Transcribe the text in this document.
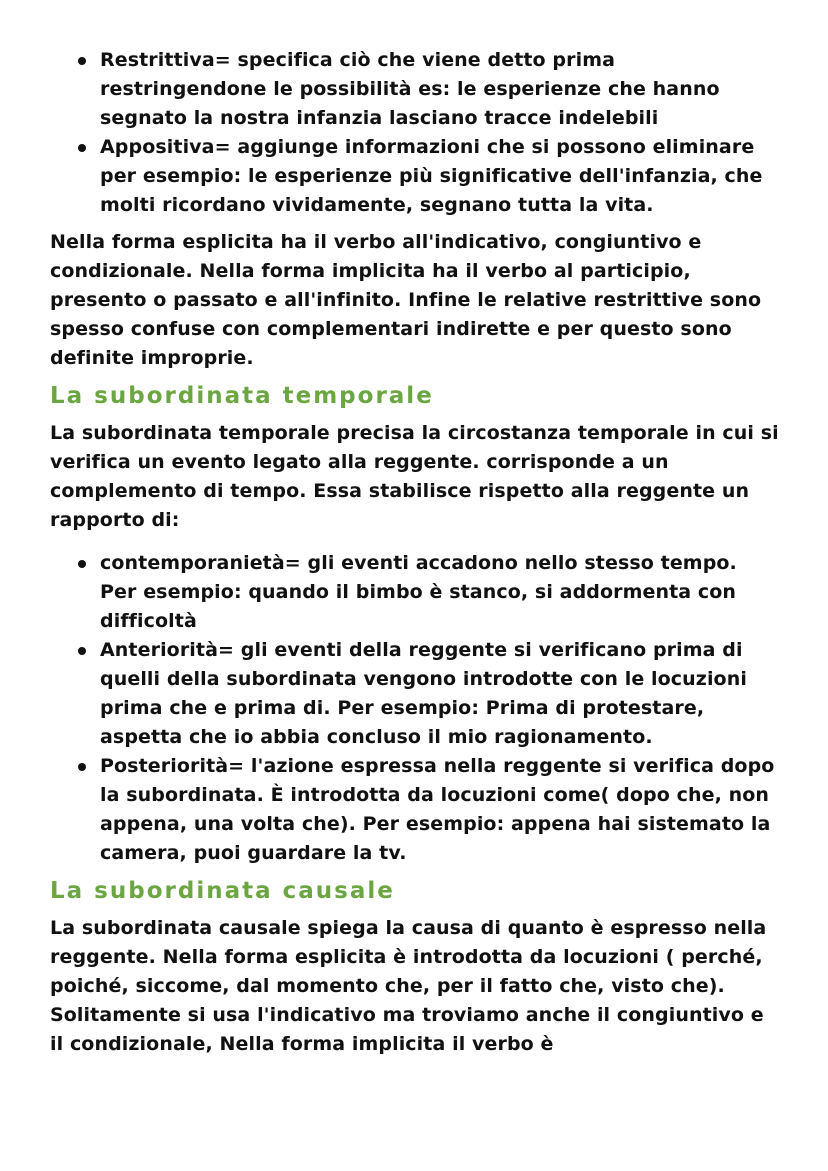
Restrittiva= specifica ciò che viene detto prima restringendone le possibilità es: le esperienze che hanno segnato la nostra infanzia lasciano tracce indelebili
Appositiva= aggiunge informazioni che si possono eliminare per esempio: le esperienze più significative dell'infanzia, che molti ricordano vividamente, segnano tutta la vita.

Nella forma esplicita ha il verbo all'indicativo, congiuntivo e condizionale. Nella forma implicita ha il verbo al participio, presento o passato e all'infinito. Infine le relative restrittive sono spesso confuse con complementari indirette e per questo sono definite improprie.

La subordinata temporale

La subordinata temporale precisa la circostanza temporale in cui si verifica un evento legato alla reggente. corrisponde a un complemento di tempo. Essa stabilisce rispetto alla reggente un rapporto di:

contemporanietà= gli eventi accadono nello stesso tempo. Per esempio: quando il bimbo è stanco, si addormenta con difficoltà
Anteriorità= gli eventi della reggente si verificano prima di quelli della subordinata vengono introdotte con le locuzioni prima che e prima di. Per esempio: Prima di protestare, aspetta che io abbia concluso il mio ragionamento.
Posteriorità= l'azione espressa nella reggente si verifica dopo la subordinata. È introdotta da locuzioni come( dopo che, non appena, una volta che). Per esempio: appena hai sistemato la camera, puoi guardare la tv.
La subordinata causale

La subordinata causale spiega la causa di quanto è espresso nella reggente. Nella forma esplicita è introdotta da locuzioni ( perché, poiché, siccome, dal momento che, per il fatto che, visto che). Solitamente si usa l'indicativo ma troviamo anche il congiuntivo e il condizionale, Nella forma implicita il verbo è
